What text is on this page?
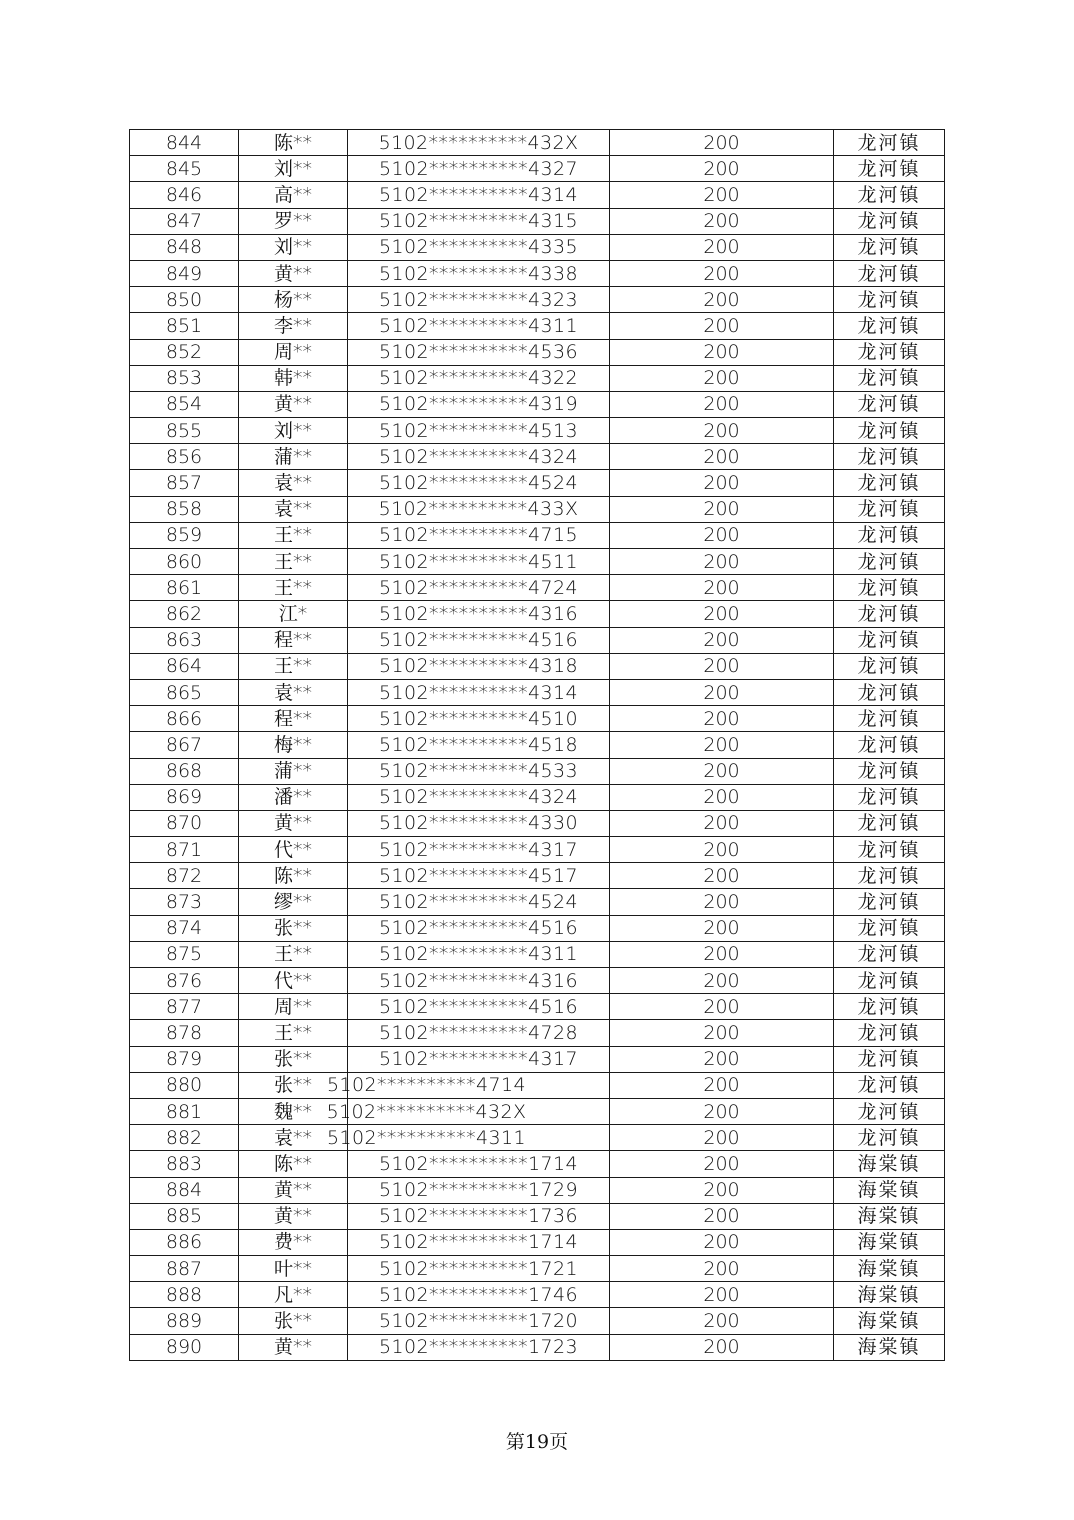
844	陈**	5102**********432X	200	龙河镇
845	刘**	5102**********4327	200	龙河镇
846	高**	5102**********4314	200	龙河镇
847	罗**	5102**********4315	200	龙河镇
848	刘**	5102**********4335	200	龙河镇
849	黄**	5102**********4338	200	龙河镇
850	杨**	5102**********4323	200	龙河镇
851	李**	5102**********4311	200	龙河镇
852	周**	5102**********4536	200	龙河镇
853	韩**	5102**********4322	200	龙河镇
854	黄**	5102**********4319	200	龙河镇
855	刘**	5102**********4513	200	龙河镇
856	蒲**	5102**********4324	200	龙河镇
857	袁**	5102**********4524	200	龙河镇
858	袁**	5102**********433X	200	龙河镇
859	王**	5102**********4715	200	龙河镇
860	王**	5102**********4511	200	龙河镇
861	王**	5102**********4724	200	龙河镇
862	江*	5102**********4316	200	龙河镇
863	程**	5102**********4516	200	龙河镇
864	王**	5102**********4318	200	龙河镇
865	袁**	5102**********4314	200	龙河镇
866	程**	5102**********4510	200	龙河镇
867	梅**	5102**********4518	200	龙河镇
868	蒲**	5102**********4533	200	龙河镇
869	潘**	5102**********4324	200	龙河镇
870	黄**	5102**********4330	200	龙河镇
871	代**	5102**********4317	200	龙河镇
872	陈**	5102**********4517	200	龙河镇
873	缪**	5102**********4524	200	龙河镇
874	张**	5102**********4516	200	龙河镇
875	王**	5102**********4311	200	龙河镇
876	代**	5102**********4316	200	龙河镇
877	周**	5102**********4516	200	龙河镇
878	王**	5102**********4728	200	龙河镇
879	张**	5102**********4317	200	龙河镇
880	张**	5102**********4714	200	龙河镇
881	魏**	5102**********432X	200	龙河镇
882	袁**	5102**********4311	200	龙河镇
883	陈**	5102**********1714	200	海棠镇
884	黄**	5102**********1729	200	海棠镇
885	黄**	5102**********1736	200	海棠镇
886	费**	5102**********1714	200	海棠镇
887	叶**	5102**********1721	200	海棠镇
888	凡**	5102**********1746	200	海棠镇
889	张**	5102**********1720	200	海棠镇
890	黄**	5102**********1723	200	海棠镇
第19页
